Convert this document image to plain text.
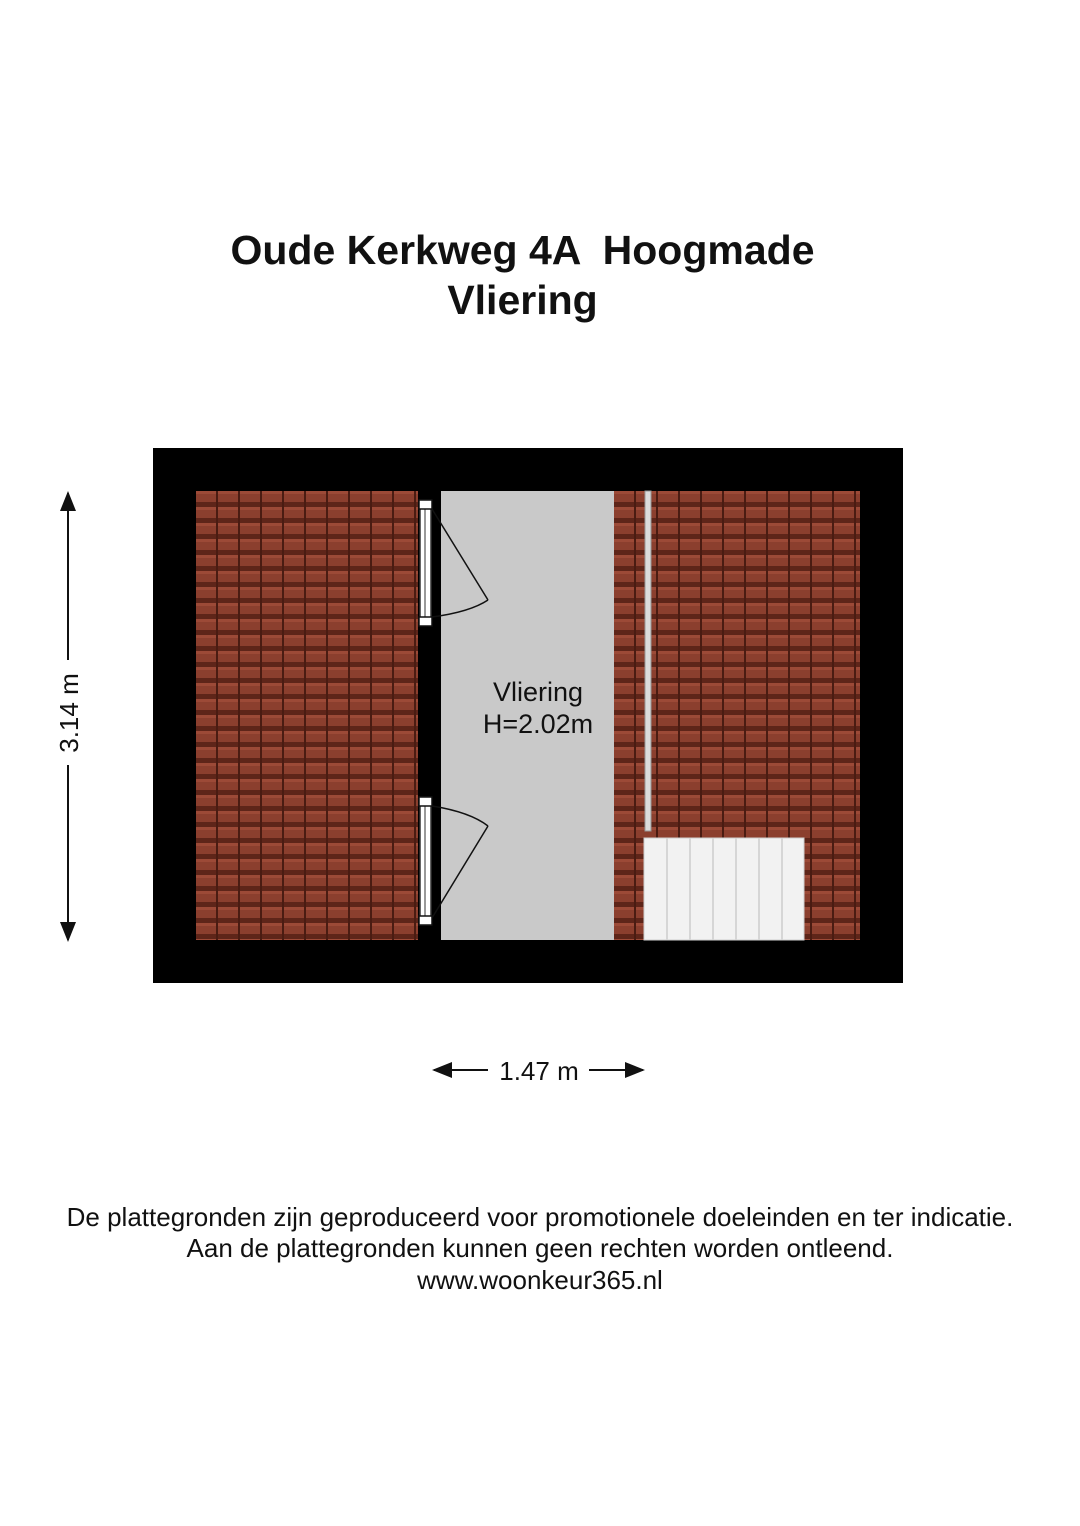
Oude Kerkweg 4A  Hoogmade
Vliering
Vliering
H=2.02m
3.14 m
1.47 m

De plattegronden zijn geproduceerd voor promotionele doeleinden en ter indicatie.

Aan de plattegronden kunnen geen rechten worden ontleend.

www.woonkeur365.nl
